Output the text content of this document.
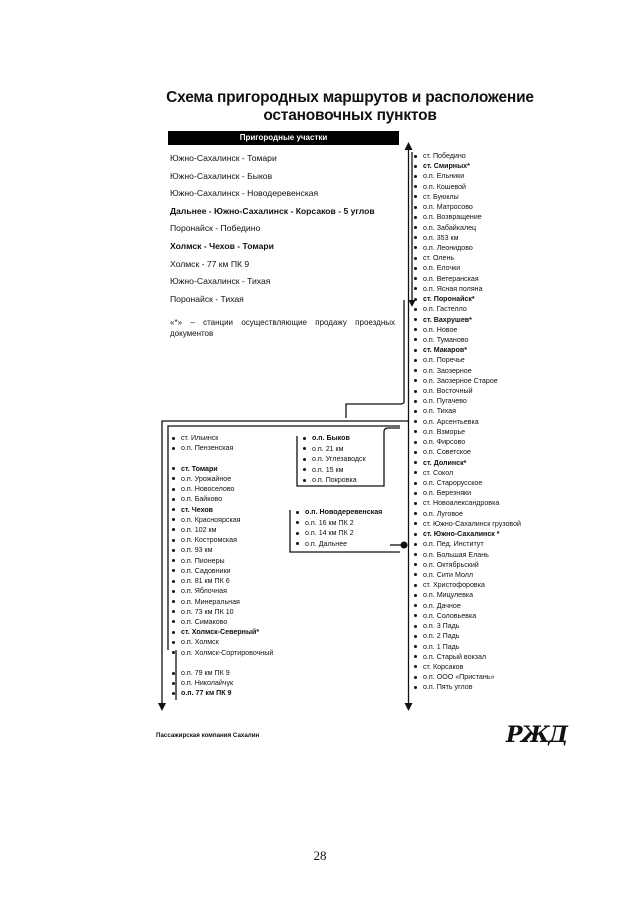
Схема пригородных маршрутов и расположение
остановочных пунктов
Пригородные участки
Южно-Сахалинск - Томари
Южно-Сахалинск - Быков
Южно-Сахалинск - Новодеревенская
Дальнее - Южно-Сахалинск - Корсаков - 5 углов
Поронайск - Победино
Холмск - Чехов - Томари
Холмск - 77 км ПК 9
Южно-Сахалинск - Тихая
Поронайск - Тихая
«*» – станции осуществляющие продажу проездных документов
ст. Победино
ст. Смирных*
о.п. Ельники
о.п. Кошевой
ст. Буюклы
о.п. Матросово
о.п. Возвращение
о.п. Забайкалец
о.п. 353 км
о.п. Леонидово
ст. Олень
о.п. Елочки
о.п. Ветеранская
о.п. Ясная поляна
ст. Поронайск*
о.п. Гастелло
ст. Вахрушев*
о.п. Новое
о.п. Туманово
ст. Макаров*
о.п. Поречье
о.п. Заозерное
о.п. Заозерное Старое
о.п. Восточный
о.п. Пугачево
о.п. Тихая
о.п. Арсентьевка
о.п. Взморье
о.п. Фирсово
о.п. Советское
ст. Долинск*
ст. Сокол
о.п. Старорусское
о.п. Березняки
ст. Новоалександровка
о.п. Луговое
ст. Южно-Сахалинск грузовой
ст. Южно-Сахалинск *
о.п. Пед. Институт
о.п. Большая Елань
о.п. Октябрьский
о.п. Сити Молл
ст. Христофоровка
о.п. Мицулевка
о.п. Дачное
о.п. Соловьевка
о.п. 3 Падь
о.п. 2 Падь
о.п. 1 Падь
о.п. Старый вокзал
ст. Корсаков
о.п. ООО «Пристань»
о.п. Пять углов
ст. Ильинск
о.п. Пензенская
ст. Томари
о.п. Урожайное
о.п. Новоселово
о.п. Байково
ст. Чехов
о.п. Красноярская
о.п. 102 км
о.п. Костромская
о.п. 93 км
о.п. Пионеры
о.п. Садовники
о.п. 81 км ПК 6
о.п. Яблочная
о.п. Минеральная
о.п. 73 км ПК 10
о.п. Симаково
ст. Холмск-Северный*
о.п. Холмск
о.п. Холмск-Сортировочный
о.п. 79 км ПК 9
о.п. Николайчук
о.п. 77 км ПК 9
о.п. Быков
о.п. 21 км
о.п. Углезаводск
о.п. 15 км
о.п. Покровка
о.п. Новодеревенская
о.п. 16 км ПК 2
о.п. 14 км ПК 2
о.п. Дальнее
Пассажирская компания Сахалин	РЖД
28
